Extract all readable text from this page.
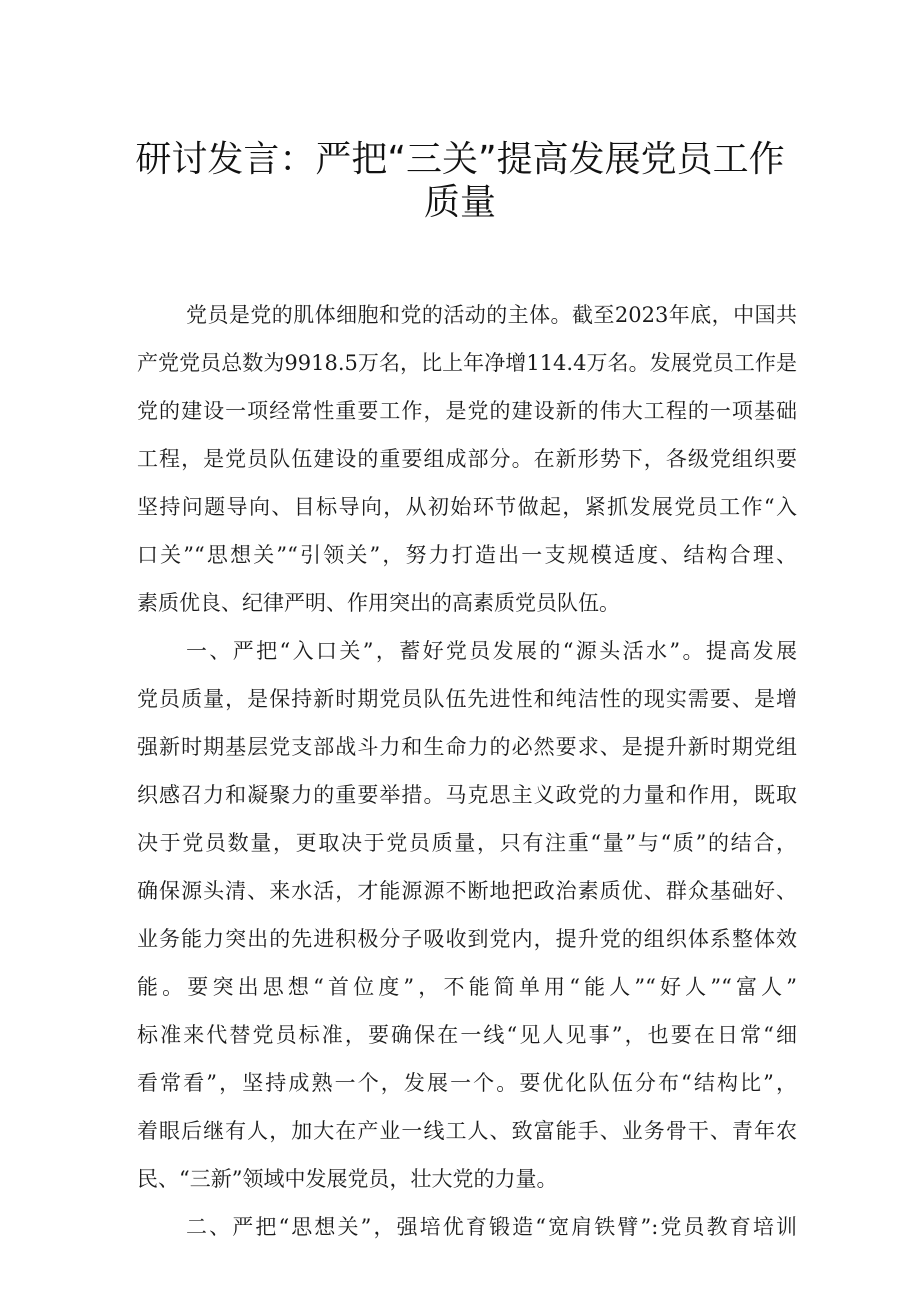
研讨发言：严把“三关”提高发展党员工作
质量
党员是党的肌体细胞和党的活动的主体。截至2023年底，中国共
产党党员总数为9918.5万名，比上年净增114.4万名。发展党员工作是
党的建设一项经常性重要工作，是党的建设新的伟大工程的一项基础
工程，是党员队伍建设的重要组成部分。在新形势下，各级党组织要
坚持问题导向、目标导向，从初始环节做起，紧抓发展党员工作“入
口关”“思想关”“引领关”，努力打造出一支规模适度、结构合理、
素质优良、纪律严明、作用突出的高素质党员队伍。
一、严把“入口关”，蓄好党员发展的“源头活水”。提高发展
党员质量，是保持新时期党员队伍先进性和纯洁性的现实需要、是增
强新时期基层党支部战斗力和生命力的必然要求、是提升新时期党组
织感召力和凝聚力的重要举措。马克思主义政党的力量和作用，既取
决于党员数量，更取决于党员质量，只有注重“量”与“质”的结合，
确保源头清、来水活，才能源源不断地把政治素质优、群众基础好、
业务能力突出的先进积极分子吸收到党内，提升党的组织体系整体效
能。要突出思想“首位度”，不能简单用“能人”“好人”“富人”
标准来代替党员标准，要确保在一线“见人见事”，也要在日常“细
看常看”，坚持成熟一个，发展一个。要优化队伍分布“结构比”，
着眼后继有人，加大在产业一线工人、致富能手、业务骨干、青年农
民、“三新”领域中发展党员，壮大党的力量。
二、严把“思想关”，强培优育锻造“宽肩铁臂”:党员教育培训
